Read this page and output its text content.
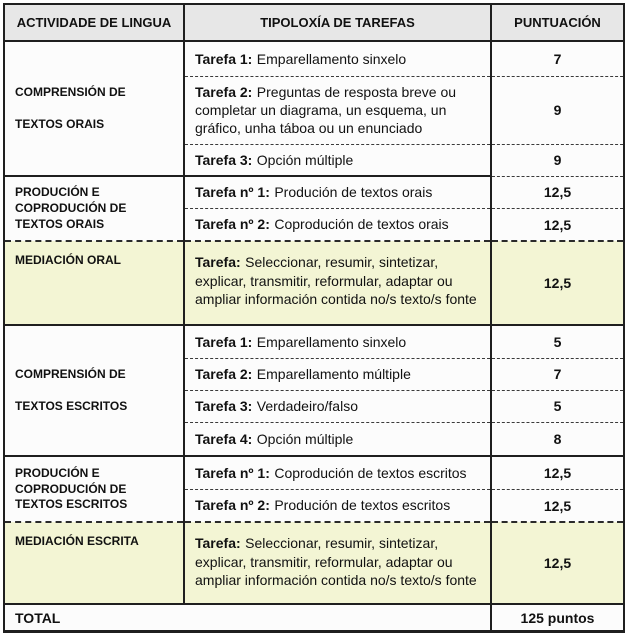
ACTIVIDADE DE LINGUA	TIPOLOXÍA DE TAREFAS	PUNTUACIÓN

COMPRENSIÓN DE
TEXTOS ORAIS	Tarefa 1: Emparellamento sinxelo	7
	Tarefa 2: Preguntas de resposta breve ou completar un diagrama, un esquema, un gráfico, unha táboa ou un enunciado	9
	Tarefa 3: Opción múltiple	9

PRODUCIÓN E COPRODUCIÓN DE TEXTOS ORAIS	Tarefa nº 1: Produción de textos orais	12,5
	Tarefa nº 2: Coprodución de textos orais	12,5

MEDIACIÓN ORAL	Tarefa: Seleccionar, resumir, sintetizar, explicar, transmitir, reformular, adaptar ou ampliar información contida no/s texto/s fonte	12,5

COMPRENSIÓN DE
TEXTOS ESCRITOS	Tarefa 1: Emparellamento sinxelo	5
	Tarefa 2: Emparellamento múltiple	7
	Tarefa 3: Verdadeiro/falso	5
	Tarefa 4: Opción múltiple	8

PRODUCIÓN E COPRODUCIÓN DE TEXTOS ESCRITOS	Tarefa nº 1: Coprodución de textos escritos	12,5
	Tarefa nº 2: Produción de textos escritos	12,5

MEDIACIÓN ESCRITA	Tarefa: Seleccionar, resumir, sintetizar, explicar, transmitir, reformular, adaptar ou ampliar información contida no/s texto/s fonte	12,5
TOTAL		125 puntos
